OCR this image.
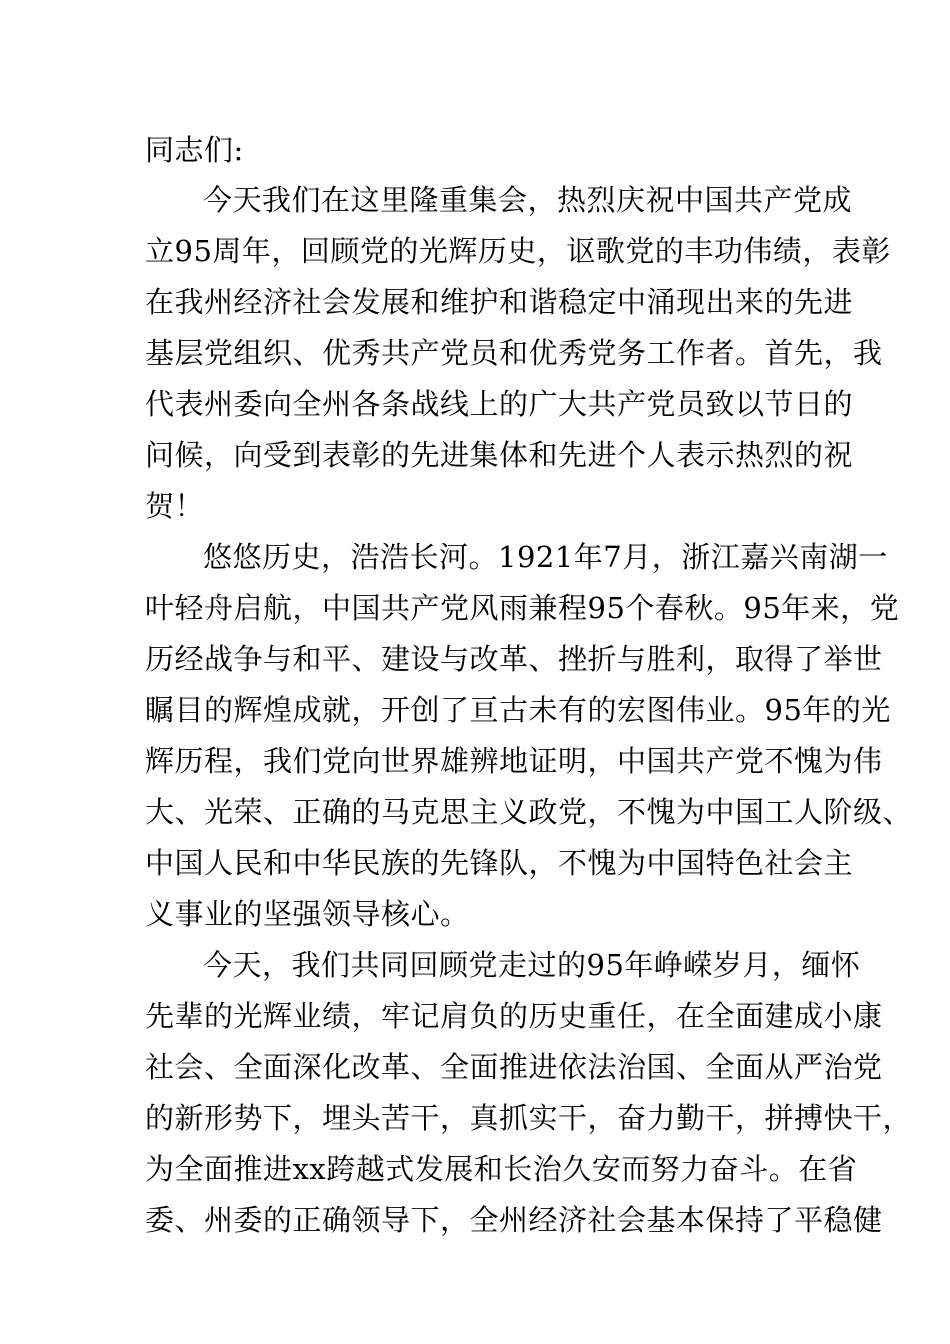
同志们:
今天我们在这里隆重集会，热烈庆祝中国共产党成
立95周年，回顾党的光辉历史，讴歌党的丰功伟绩，表彰
在我州经济社会发展和维护和谐稳定中涌现出来的先进
基层党组织、优秀共产党员和优秀党务工作者。首先，我
代表州委向全州各条战线上的广大共产党员致以节日的
问候，向受到表彰的先进集体和先进个人表示热烈的祝
贺！
悠悠历史，浩浩长河。1921年7月，浙江嘉兴南湖一
叶轻舟启航，中国共产党风雨兼程95个春秋。95年来，党
历经战争与和平、建设与改革、挫折与胜利，取得了举世
瞩目的辉煌成就，开创了亘古未有的宏图伟业。95年的光
辉历程，我们党向世界雄辨地证明，中国共产党不愧为伟
大、光荣、正确的马克思主义政党，不愧为中国工人阶级、
中国人民和中华民族的先锋队，不愧为中国特色社会主
义事业的坚强领导核心。
今天，我们共同回顾党走过的95年峥嵘岁月，缅怀
先辈的光辉业绩，牢记肩负的历史重任，在全面建成小康
社会、全面深化改革、全面推进依法治国、全面从严治党
的新形势下，埋头苦干，真抓实干，奋力勤干，拼搏快干，
为全面推进xx跨越式发展和长治久安而努力奋斗。在省
委、州委的正确领导下，全州经济社会基本保持了平稳健
